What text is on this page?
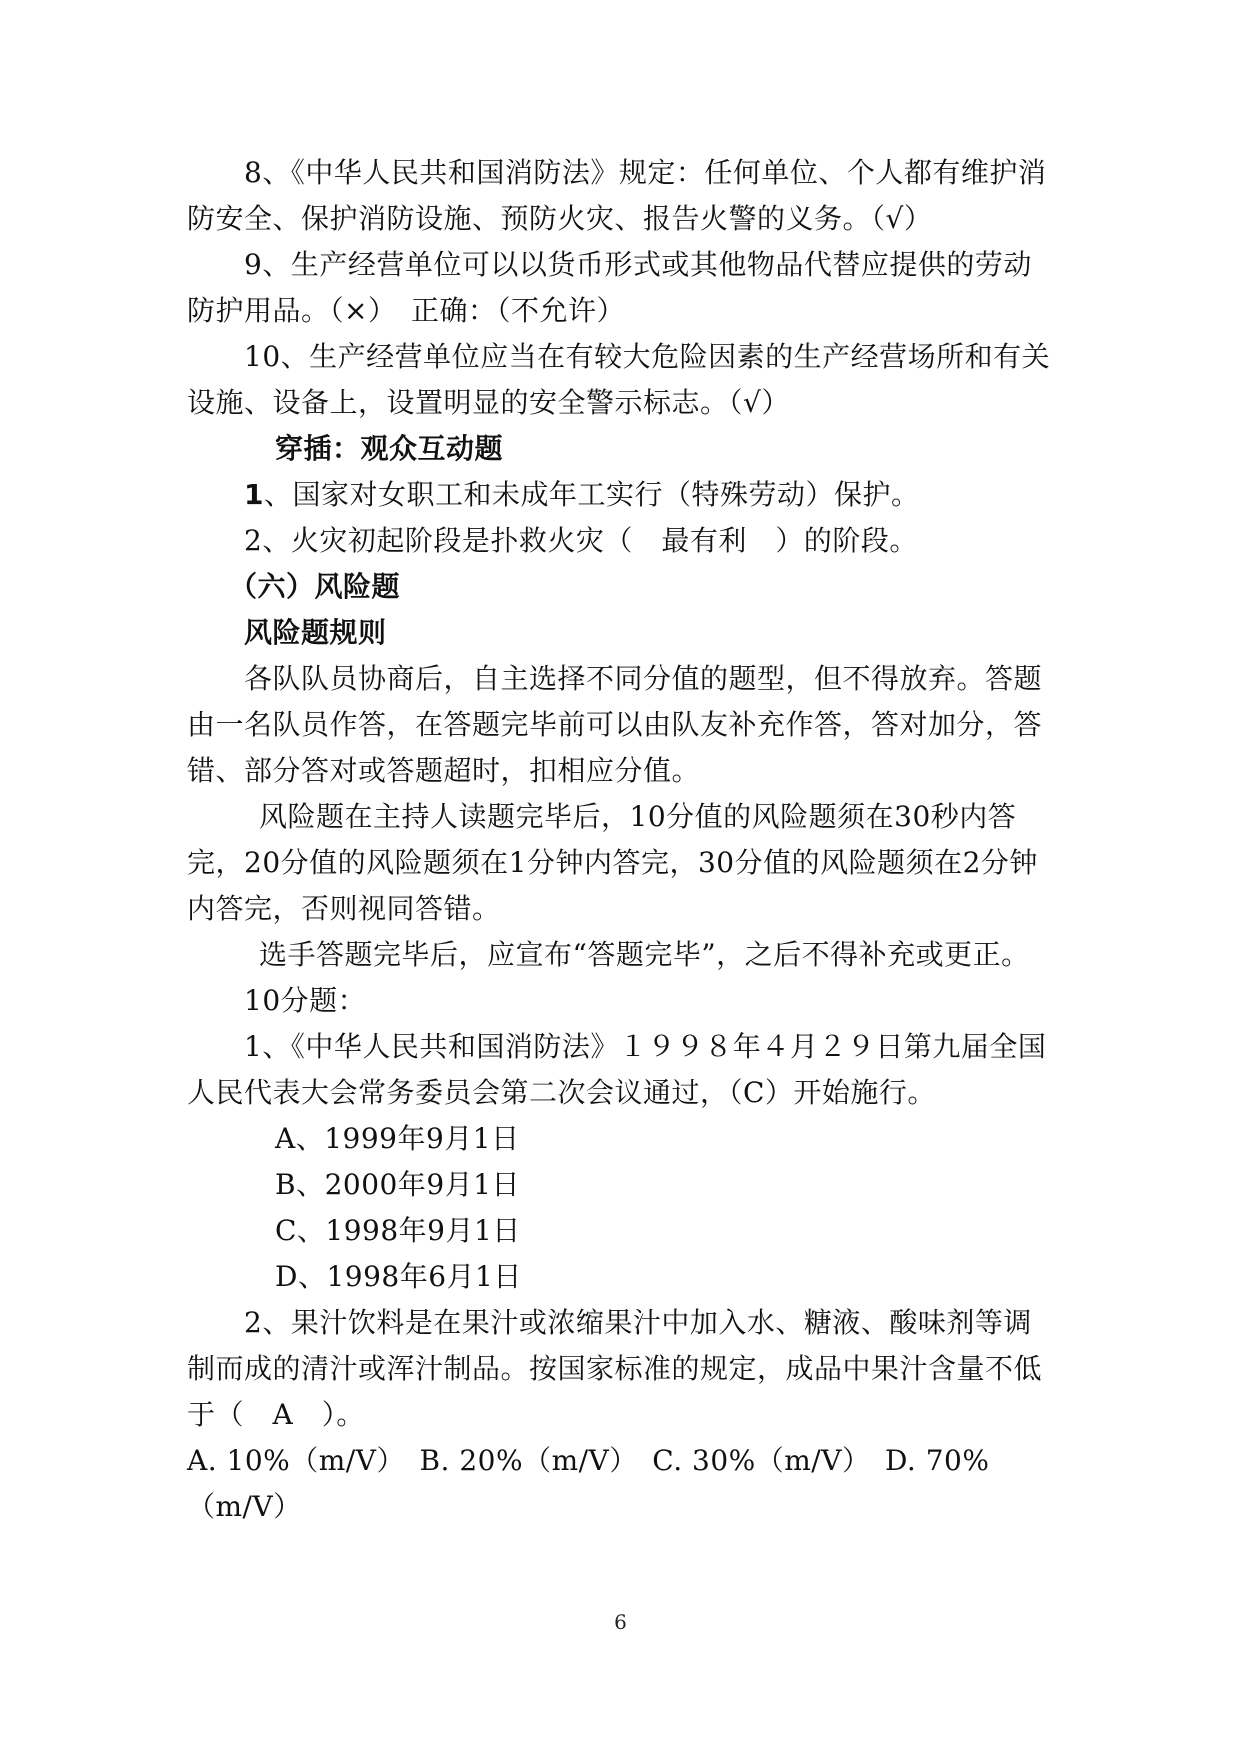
8、《中华人民共和国消防法》规定：任何单位、个人都有维护消防安全、保护消防设施、预防火灾、报告火警的义务。（√）

9、生产经营单位可以以货币形式或其他物品代替应提供的劳动防护用品。（×）　正确：（不允许）

10、生产经营单位应当在有较大危险因素的生产经营场所和有关设施、设备上，设置明显的安全警示标志。（√）

穿插：观众互动题

1、国家对女职工和未成年工实行（特殊劳动）保护。

2、火灾初起阶段是扑救火灾（　最有利　）的阶段。

（六）风险题

风险题规则

各队队员协商后，自主选择不同分值的题型，但不得放弃。答题由一名队员作答，在答题完毕前可以由队友补充作答，答对加分，答错、部分答对或答题超时，扣相应分值。

风险题在主持人读题完毕后，10分值的风险题须在30秒内答完，20分值的风险题须在1分钟内答完，30分值的风险题须在2分钟内答完，否则视同答错。

选手答题完毕后，应宣布“答题完毕”，之后不得补充或更正。

10分题：

1、《中华人民共和国消防法》１９９８年４月２９日第九届全国人民代表大会常务委员会第二次会议通过，（C）开始施行。

A、1999年9月1日

B、2000年9月1日

C、1998年9月1日

D、1998年6月1日

2、果汁饮料是在果汁或浓缩果汁中加入水、糖液、酸味剂等调制而成的清汁或浑汁制品。按国家标准的规定，成品中果汁含量不低于（　A　）。

A. 10%（m/V）　B. 20%（m/V）　C. 30%（m/V）　D. 70%（m/V）

6
